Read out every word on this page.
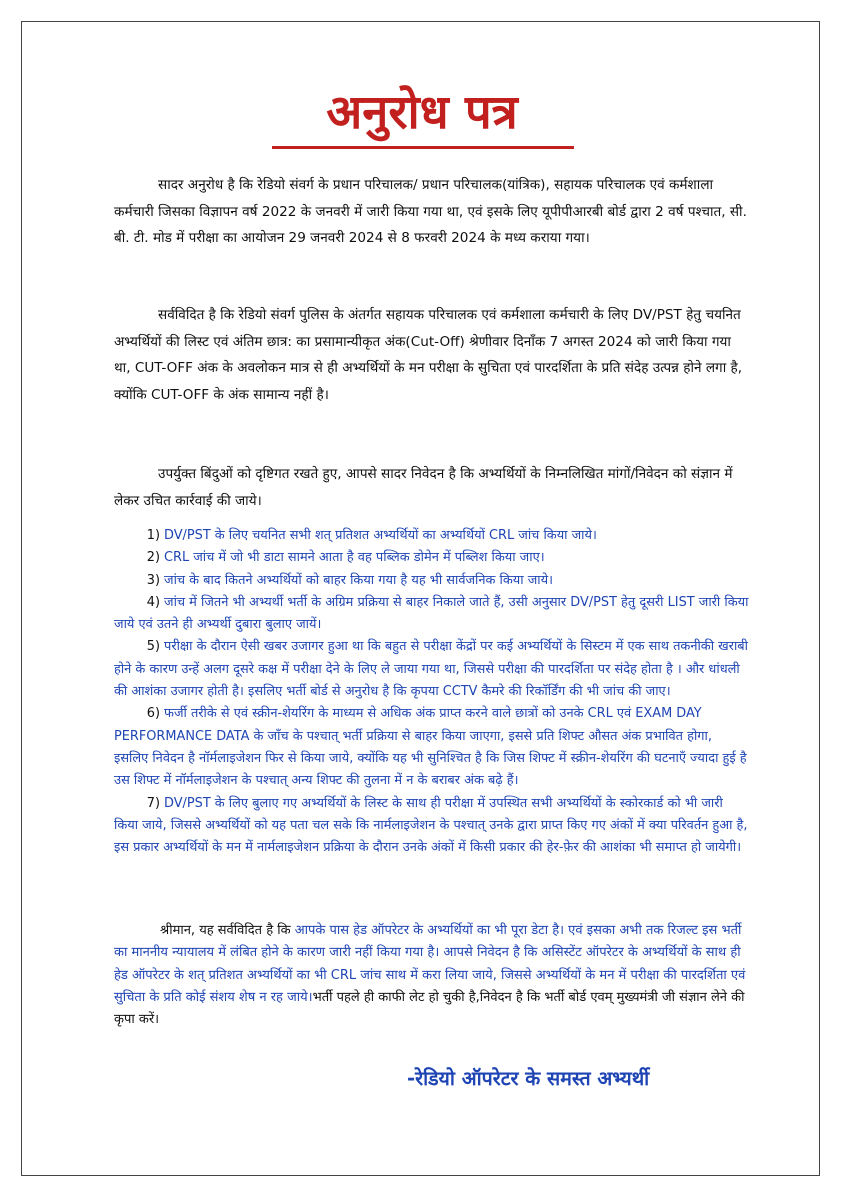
अनुरोध पत्र

सादर अनुरोध है कि रेडियो संवर्ग के प्रधान परिचालक/ प्रधान परिचालक(यांत्रिक), सहायक परिचालक एवं कर्मशाला कर्मचारी जिसका विज्ञापन वर्ष 2022 के जनवरी में जारी किया गया था, एवं इसके लिए यूपीपीआरबी बोर्ड द्वारा 2 वर्ष पश्चात, सी. बी. टी. मोड में परीक्षा का आयोजन 29 जनवरी 2024 से 8 फरवरी 2024 के मध्य कराया गया।

सर्वविदित है कि रेडियो संवर्ग पुलिस के अंतर्गत सहायक परिचालक एवं कर्मशाला कर्मचारी के लिए DV/PST हेतु चयनित अभ्यर्थियों की लिस्ट एवं अंतिम छात्र: का प्रसामान्यीकृत अंक(Cut-Off) श्रेणीवार दिनाँक 7 अगस्त 2024 को जारी किया गया था, CUT-OFF अंक के अवलोकन मात्र से ही अभ्यर्थियों के मन परीक्षा के सुचिता एवं पारदर्शिता के प्रति संदेह उत्पन्न होने लगा है, क्योंकि CUT-OFF के अंक सामान्य नहीं है।

उपर्युक्त बिंदुओं को दृष्टिगत रखते हुए, आपसे सादर निवेदन है कि अभ्यर्थियों के निम्नलिखित मांगों/निवेदन को संज्ञान में लेकर उचित कार्रवाई की जाये।

1) DV/PST के लिए चयनित सभी शत् प्रतिशत अभ्यर्थियों का अभ्यर्थियों CRL जांच किया जाये।
2) CRL जांच में जो भी डाटा सामने आता है वह पब्लिक डोमेन में पब्लिश किया जाए।
3) जांच के बाद कितने अभ्यर्थियों को बाहर किया गया है यह भी सार्वजनिक किया जाये।
4) जांच में जितने भी अभ्यर्थी भर्ती के अग्रिम प्रक्रिया से बाहर निकाले जाते हैं, उसी अनुसार DV/PST हेतु दूसरी LIST जारी किया जाये एवं उतने ही अभ्यर्थी दुबारा बुलाए जायें।
5) परीक्षा के दौरान ऐसी खबर उजागर हुआ था कि बहुत से परीक्षा केंद्रों पर कई अभ्यर्थियों के सिस्टम में एक साथ तकनीकी खराबी होने के कारण उन्हें अलग दूसरे कक्ष में परीक्षा देने के लिए ले जाया गया था, जिससे परीक्षा की पारदर्शिता पर संदेह होता है । और धांधली की आशंका उजागर होती है। इसलिए भर्ती बोर्ड से अनुरोध है कि कृपया CCTV कैमरे की रिकॉर्डिंग की भी जांच की जाए।
6) फर्जी तरीके से एवं स्क्रीन-शेयरिंग के माध्यम से अधिक अंक प्राप्त करने वाले छात्रों को उनके CRL एवं EXAM DAY PERFORMANCE DATA के जाँच के पश्चात् भर्ती प्रक्रिया से बाहर किया जाएगा, इससे प्रति शिफ्ट औसत अंक प्रभावित होगा, इसलिए निवेदन है नॉर्मलाइजेशन फिर से किया जाये, क्योंकि यह भी सुनिश्चित है कि जिस शिफ्ट में स्क्रीन-शेयरिंग की घटनाएँ ज्यादा हुई है उस शिफ्ट में नॉर्मलाइजेशन के पश्चात् अन्य शिफ्ट की तुलना में न के बराबर अंक बढ़े हैं।
7) DV/PST के लिए बुलाए गए अभ्यर्थियों के लिस्ट के साथ ही परीक्षा में उपस्थित सभी अभ्यर्थियों के स्कोरकार्ड को भी जारी किया जाये, जिससे अभ्यर्थियों को यह पता चल सके कि नार्मलाइजेशन के पश्चात् उनके द्वारा प्राप्त किए गए अंकों में क्या परिवर्तन हुआ है, इस प्रकार अभ्यर्थियों के मन में नार्मलाइजेशन प्रक्रिया के दौरान उनके अंकों में किसी प्रकार की हेर-फ़ेर की आशंका भी समाप्त हो जायेगी।

श्रीमान, यह सर्वविदित है कि आपके पास हेड ऑपरेटर के अभ्यर्थियों का भी पूरा डेटा है। एवं इसका अभी तक रिजल्ट इस भर्ती का माननीय न्यायालय में लंबित होने के कारण जारी नहीं किया गया है। आपसे निवेदन है कि असिस्टेंट ऑपरेटर के अभ्यर्थियों के साथ ही हेड ऑपरेटर के शत् प्रतिशत अभ्यर्थियों का भी CRL जांच साथ में करा लिया जाये, जिससे अभ्यर्थियों के मन में परीक्षा की पारदर्शिता एवं सुचिता के प्रति कोई संशय शेष न रह जाये।भर्ती पहले ही काफी लेट हो चुकी है,निवेदन है कि भर्ती बोर्ड एवम् मुख्यमंत्री जी संज्ञान लेने की कृपा करें।

-रेडियो ऑपरेटर के समस्त अभ्यर्थी
